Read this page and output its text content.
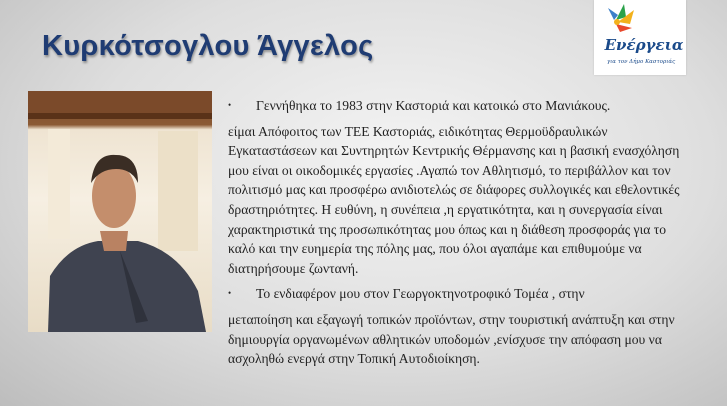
Κυρκότσογλου Άγγελος	Ενέργεια
για τον Δήμο Καστοριάς

• Γεννήθηκα το 1983 στην Καστοριά και κατοικώ στο Μανιάκους.

είμαι Απόφοιτος των ΤΕΕ Καστοριάς, ειδικότητας Θερμοϋδραυλικών Εγκαταστάσεων και Συντηρητών Κεντρικής Θέρμανσης και η βασική ενασχόληση μου είναι οι οικοδομικές εργασίες .Αγαπώ τον Αθλητισμό, το περιβάλλον και τον πολιτισμό μας και προσφέρω ανιδιοτελώς σε διάφορες συλλογικές και εθελοντικές δραστηριότητες. Η ευθύνη, η συνέπεια ,η εργατικότητα, και η συνεργασία είναι χαρακτηριστικά της προσωπικότητας μου όπως και η διάθεση προσφοράς για το καλό και την ευημερία της πόλης μας, που όλοι αγαπάμε και επιθυμούμε να διατηρήσουμε ζωντανή.

• Το ενδιαφέρον μου στον Γεωργοκτηνοτροφικό Τομέα , στην

μεταποίηση και εξαγωγή τοπικών προϊόντων, στην τουριστική ανάπτυξη και στην δημιουργία οργανωμένων αθλητικών υποδομών ,ενίσχυσε την απόφαση μου να ασχοληθώ ενεργά στην Τοπική Αυτοδιοίκηση.
